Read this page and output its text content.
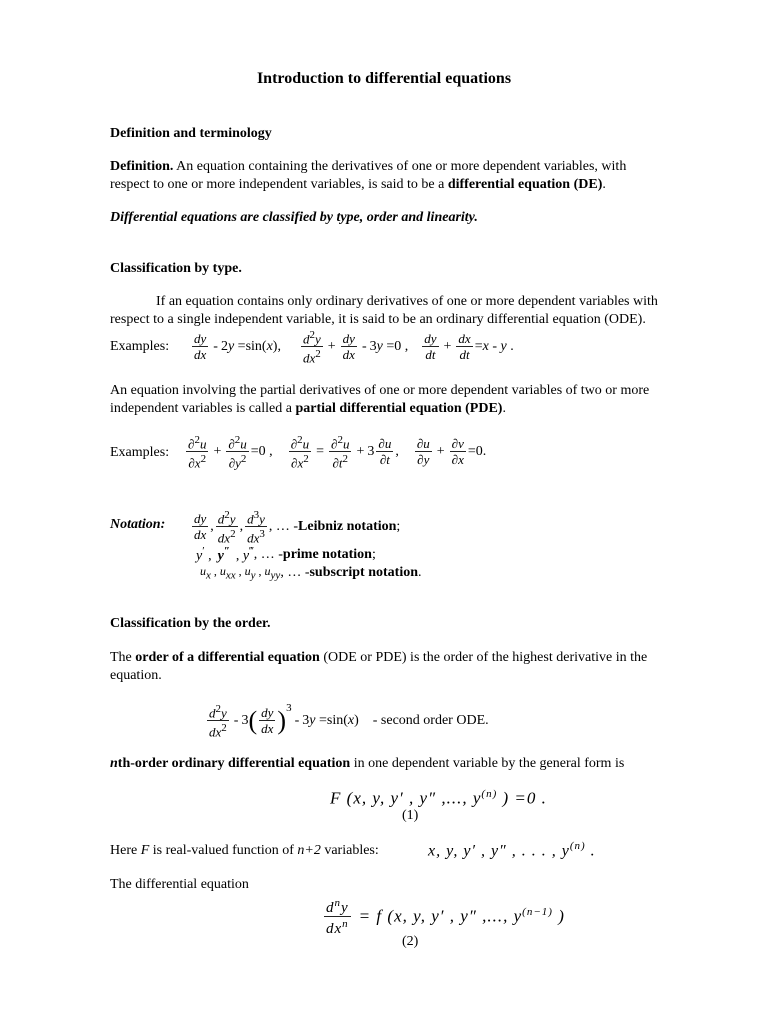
Introduction to differential equations
Definition and terminology
Definition. An equation containing the derivatives of one or more dependent variables, with
respect to one or more independent variables, is said to be a differential equation (DE).
Differential equations are classified by type, order and linearity.
Classification by type.
If an equation contains only ordinary derivatives of one or more dependent variables with
respect to a single independent variable, it is said to be an ordinary differential equation (ODE).
Examples: $\frac{dy}{dx} - 2y =\sin(x)$, $\frac{d^2y}{dx^2} + \frac{dy}{dx} - 3y =0$ , $\frac{dy}{dt} + \frac{dx}{dt} =x - y$ .
An equation involving the partial derivatives of one or more dependent variables of two or more
independent variables is called a partial differential equation (PDE).
Examples: $\frac{\partial^2u}{\partial x^2} + \frac{\partial^2u}{\partial y^2} =0$ , $\frac{\partial^2u}{\partial x^2} = \frac{\partial^2u}{\partial t^2} + 3 \frac{\partial u}{\partial t}$ , $\frac{\partial u}{\partial y} + \frac{\partial v}{\partial x} =0$.
Notation: $\frac{dy}{dx}$ , $\frac{d^2y}{dx^2}$ , $\frac{d^3y}{dx^3}$ , … - Leibniz notation ;
y′ , y″ , y‴ , … - prime notation ;
$u_x$ , $u_{xx}$ , $u_y$ , $u_{yy}$ , … - subscript notation .
Classification by the order.
The order of a differential equation (ODE or PDE) is the order of the highest derivative in the
equation.
$\frac{d^2y}{dx^2} - 3$ ( $\frac{dy}{dx} )^3$
- 3y =sin(x) - second order ODE.
nth-order ordinary differential equation in one dependent variable by the general form is
F (x, y, y′ , y″ ,..., $y^{(n)}$ ) =0 .
(1)
Here F is real-valued function of n+2 variables:	x, y, y′ , y″ , . . . , $y^{(n)}$ .
The differential equation
$\frac{d^ny}{dx^n} = f$ (x, y, y′ , y″ ,..., $y^{(n-1)}$ )
(2)
